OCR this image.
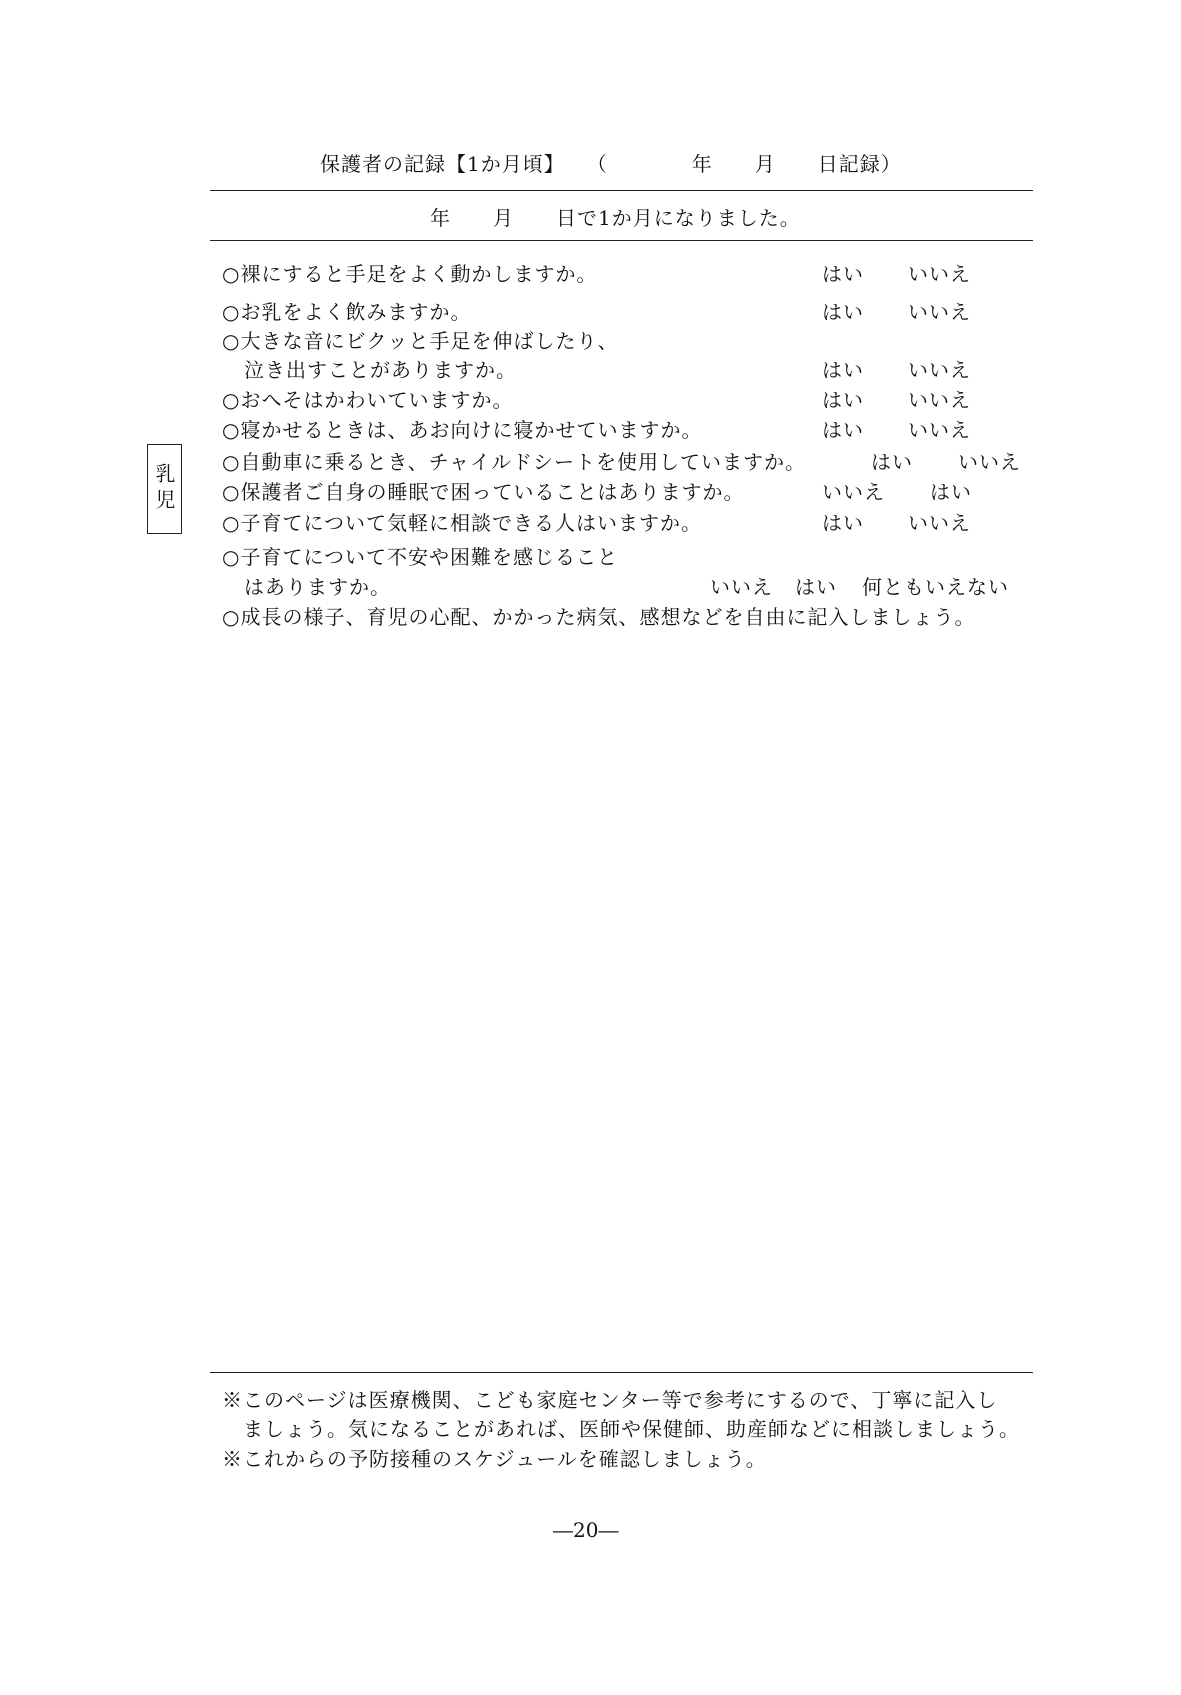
保護者の記録【1か月頃】　　（　　　　年　　月　　日記録）
年　　月　　日で1か月になりました。
乳児
○裸にすると手足をよく動かしますか。	はい いいえ
○お乳をよく飲みますか。	はい いいえ
○大きな音にビクッと手足を伸ばしたり、
泣き出すことがありますか。	はい いいえ
○おへそはかわいていますか。	はい いいえ
○寝かせるときは、あお向けに寝かせていますか。	はい いいえ
○自動車に乗るとき、チャイルドシートを使用していますか。	はい いいえ
○保護者ご自身の睡眠で困っていることはありますか。	いいえ はい
○子育てについて気軽に相談できる人はいますか。	はい いいえ
○子育てについて不安や困難を感じること
はありますか。	いいえ はい 何ともいえない
○成長の様子、育児の心配、かかった病気、感想などを自由に記入しましょう。
※このページは医療機関、こども家庭センター等で参考にするので、丁寧に記入し
　ましょう。気になることがあれば、医師や保健師、助産師などに相談しましょう。
※これからの予防接種のスケジュールを確認しましょう。
―20―
